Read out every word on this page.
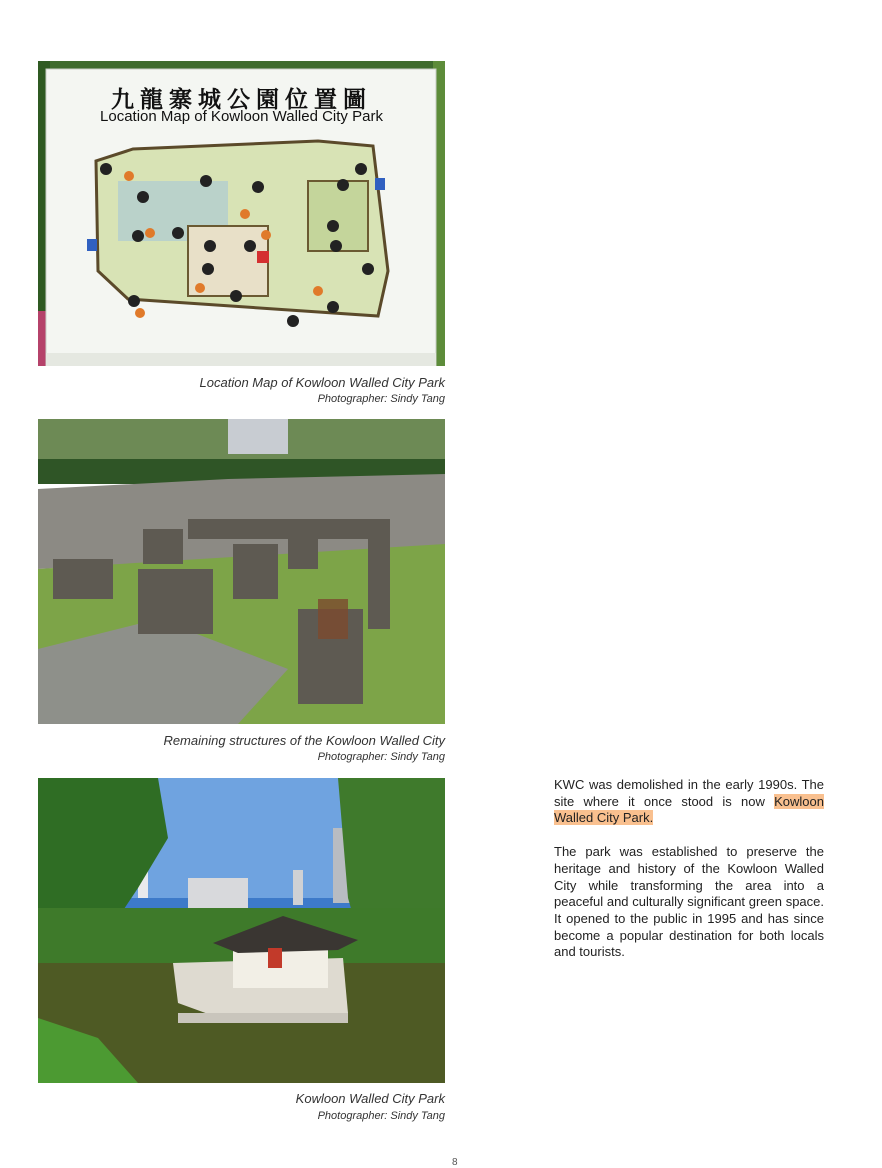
九龍寨城公園位置圖
Location Map of Kowloon Walled City Park
Location Map of Kowloon Walled City Park
Photographer: Sindy Tang
Remaining structures of the Kowloon Walled City
Photographer: Sindy Tang
Kowloon Walled City Park
Photographer: Sindy Tang

KWC was demolished in the early 1990s. The site where it once stood is now Kowloon Walled City Park.

The park was established to preserve the heritage and history of the Kowloon Walled City while transforming the area into a peaceful and culturally significant green space. It opened to the public in 1995 and has since become a popular destination for both locals and tourists.

8
